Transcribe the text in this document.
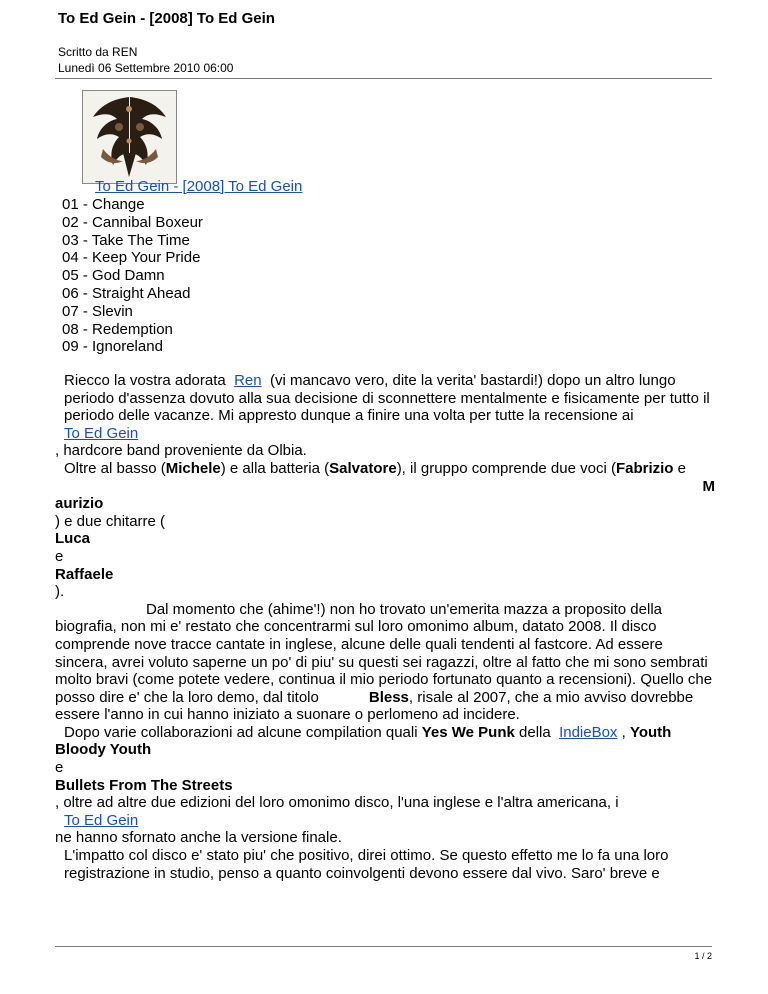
To Ed Gein - [2008] To Ed Gein
Scritto da REN
Lunedì 06 Settembre 2010 06:00
To Ed Gein - [2008] To Ed Gein
01 - Change
02 - Cannibal Boxeur
03 - Take The Time
04 - Keep Your Pride
05 - God Damn
06 - Straight Ahead
07 - Slevin
08 - Redemption
09 - Ignoreland

Riecco la vostra adorata Ren (vi mancavo vero, dite la verita' bastardi!) dopo un altro lungo periodo d'assenza dovuto alla sua decisione di sconnettere mentalmente e fisicamente per tutto il periodo delle vacanze. Mi appresto dunque a finire una volta per tutte la recensione ai

To Ed Gein

, hardcore band proveniente da Olbia.

Oltre al basso (Michele) e alla batteria (Salvatore), il gruppo comprende due voci (Fabrizio e

M

aurizio

) e due chitarre (

Luca

e

Raffaele

).

Dal momento che (ahime'!) non ho trovato un'emerita mazza a proposito della biografia, non mi e' restato che concentrarmi sul loro omonimo album, datato 2008. Il disco comprende nove tracce cantate in inglese, alcune delle quali tendenti al fastcore. Ad essere sincera, avrei voluto saperne un po' di piu' su questi sei ragazzi, oltre al fatto che mi sono sembrati molto bravi (come potete vedere, continua il mio periodo fortunato quanto a recensioni). Quello che posso dire e' che la loro demo, dal titolo	Bless, risale al 2007, che a mio avviso dovrebbe essere l'anno in cui hanno iniziato a suonare o perlomeno ad incidere.

Dopo varie collaborazioni ad alcune compilation quali Yes We Punk della IndieBox , Youth

Bloody Youth

e

Bullets From The Streets

, oltre ad altre due edizioni del loro omonimo disco, l'una inglese e l'altra americana, i

To Ed Gein

ne hanno sfornato anche la versione finale.

L'impatto col disco e' stato piu' che positivo, direi ottimo. Se questo effetto me lo fa una loro registrazione in studio, penso a quanto coinvolgenti devono essere dal vivo. Saro' breve e

1 / 2
